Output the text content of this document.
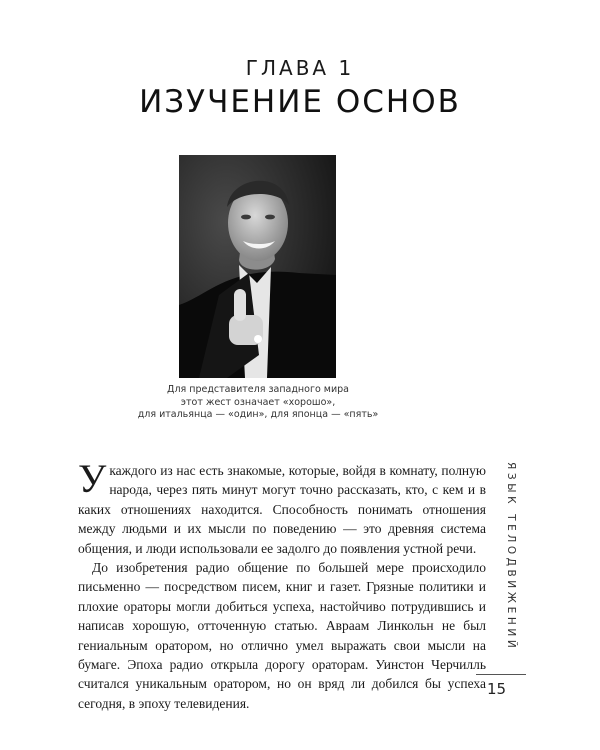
ГЛАВА 1
ИЗУЧЕНИЕ ОСНОВ
Для представителя западного мира
этот жест означает «хорошо»,
для итальянца — «один», для японца — «пять»

У каждого из нас есть знакомые, которые, войдя в комнату, полную народа, через пять минут могут точно рассказать, кто, с кем и в каких отношениях находится. Способность понимать отношения между людьми и их мысли по поведению — это древняя система общения, и люди использовали ее задолго до появления устной речи.

До изобретения радио общение по большей мере происходило письменно — посредством писем, книг и газет. Грязные политики и плохие ораторы могли добиться успеха, настойчиво потрудившись и написав хорошую, отточенную статью. Авраам Линкольн не был гениальным оратором, но отлично умел выражать свои мысли на бумаге. Эпоха радио открыла дорогу ораторам. Уинстон Черчилль считался уникальным оратором, но он вряд ли добился бы успеха сегодня, в эпоху телевидения.

ЯЗЫК ТЕЛОДВИЖЕНИЙ
15
